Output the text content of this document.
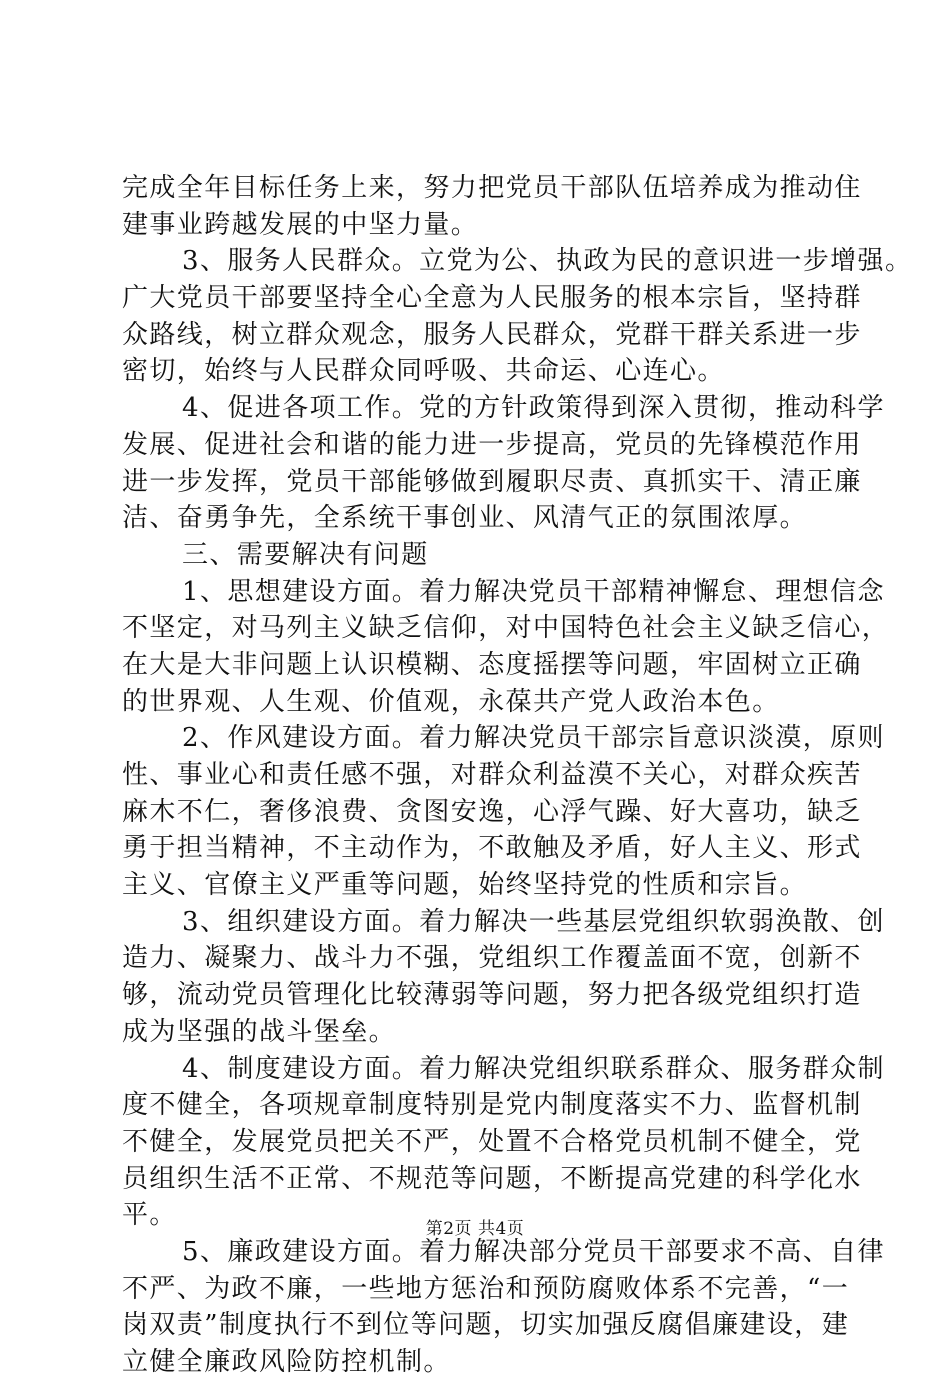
完成全年目标任务上来，努力把党员干部队伍培养成为推动住
建事业跨越发展的中坚力量。
3、服务人民群众。立党为公、执政为民的意识进一步增强。
广大党员干部要坚持全心全意为人民服务的根本宗旨，坚持群
众路线，树立群众观念，服务人民群众，党群干群关系进一步
密切，始终与人民群众同呼吸、共命运、心连心。
4、促进各项工作。党的方针政策得到深入贯彻，推动科学
发展、促进社会和谐的能力进一步提高，党员的先锋模范作用
进一步发挥，党员干部能够做到履职尽责、真抓实干、清正廉
洁、奋勇争先，全系统干事创业、风清气正的氛围浓厚。
三、需要解决有问题
1、思想建设方面。着力解决党员干部精神懈怠、理想信念
不坚定，对马列主义缺乏信仰，对中国特色社会主义缺乏信心，
在大是大非问题上认识模糊、态度摇摆等问题，牢固树立正确
的世界观、人生观、价值观，永葆共产党人政治本色。
2、作风建设方面。着力解决党员干部宗旨意识淡漠，原则
性、事业心和责任感不强，对群众利益漠不关心，对群众疾苦
麻木不仁，奢侈浪费、贪图安逸，心浮气躁、好大喜功，缺乏
勇于担当精神，不主动作为，不敢触及矛盾，好人主义、形式
主义、官僚主义严重等问题，始终坚持党的性质和宗旨。
3、组织建设方面。着力解决一些基层党组织软弱涣散、创
造力、凝聚力、战斗力不强，党组织工作覆盖面不宽，创新不
够，流动党员管理化比较薄弱等问题，努力把各级党组织打造
成为坚强的战斗堡垒。
4、制度建设方面。着力解决党组织联系群众、服务群众制
度不健全，各项规章制度特别是党内制度落实不力、监督机制
不健全，发展党员把关不严，处置不合格党员机制不健全，党
员组织生活不正常、不规范等问题，不断提高党建的科学化水
平。
5、廉政建设方面。着力解决部分党员干部要求不高、自律
不严、为政不廉，一些地方惩治和预防腐败体系不完善，“一
岗双责”制度执行不到位等问题，切实加强反腐倡廉建设，建
立健全廉政风险防控机制。
第2页 共4页
